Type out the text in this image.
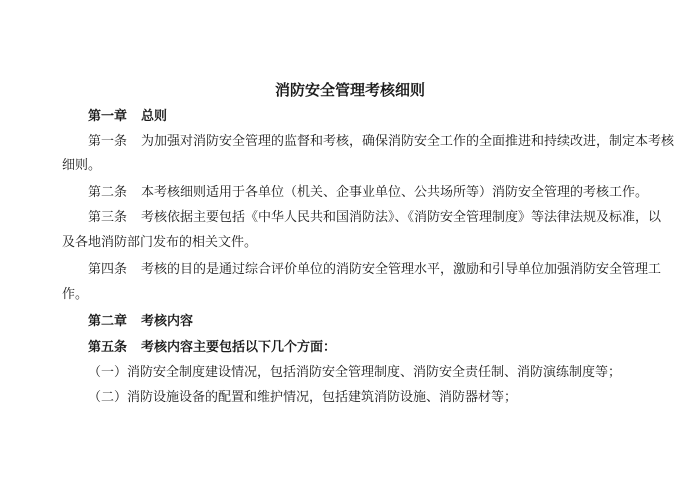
消防安全管理考核细则
第一章 总则
第一条 为加强对消防安全管理的监督和考核，确保消防安全工作的全面推进和持续改进，制定本考核
细则。
第二条 本考核细则适用于各单位（机关、企事业单位、公共场所等）消防安全管理的考核工作。
第三条 考核依据主要包括《中华人民共和国消防法》、《消防安全管理制度》等法律法规及标准，以
及各地消防部门发布的相关文件。
第四条 考核的目的是通过综合评价单位的消防安全管理水平，激励和引导单位加强消防安全管理工
作。
第二章 考核内容
第五条 考核内容主要包括以下几个方面：
（一）消防安全制度建设情况，包括消防安全管理制度、消防安全责任制、消防演练制度等；
（二）消防设施设备的配置和维护情况，包括建筑消防设施、消防器材等；
